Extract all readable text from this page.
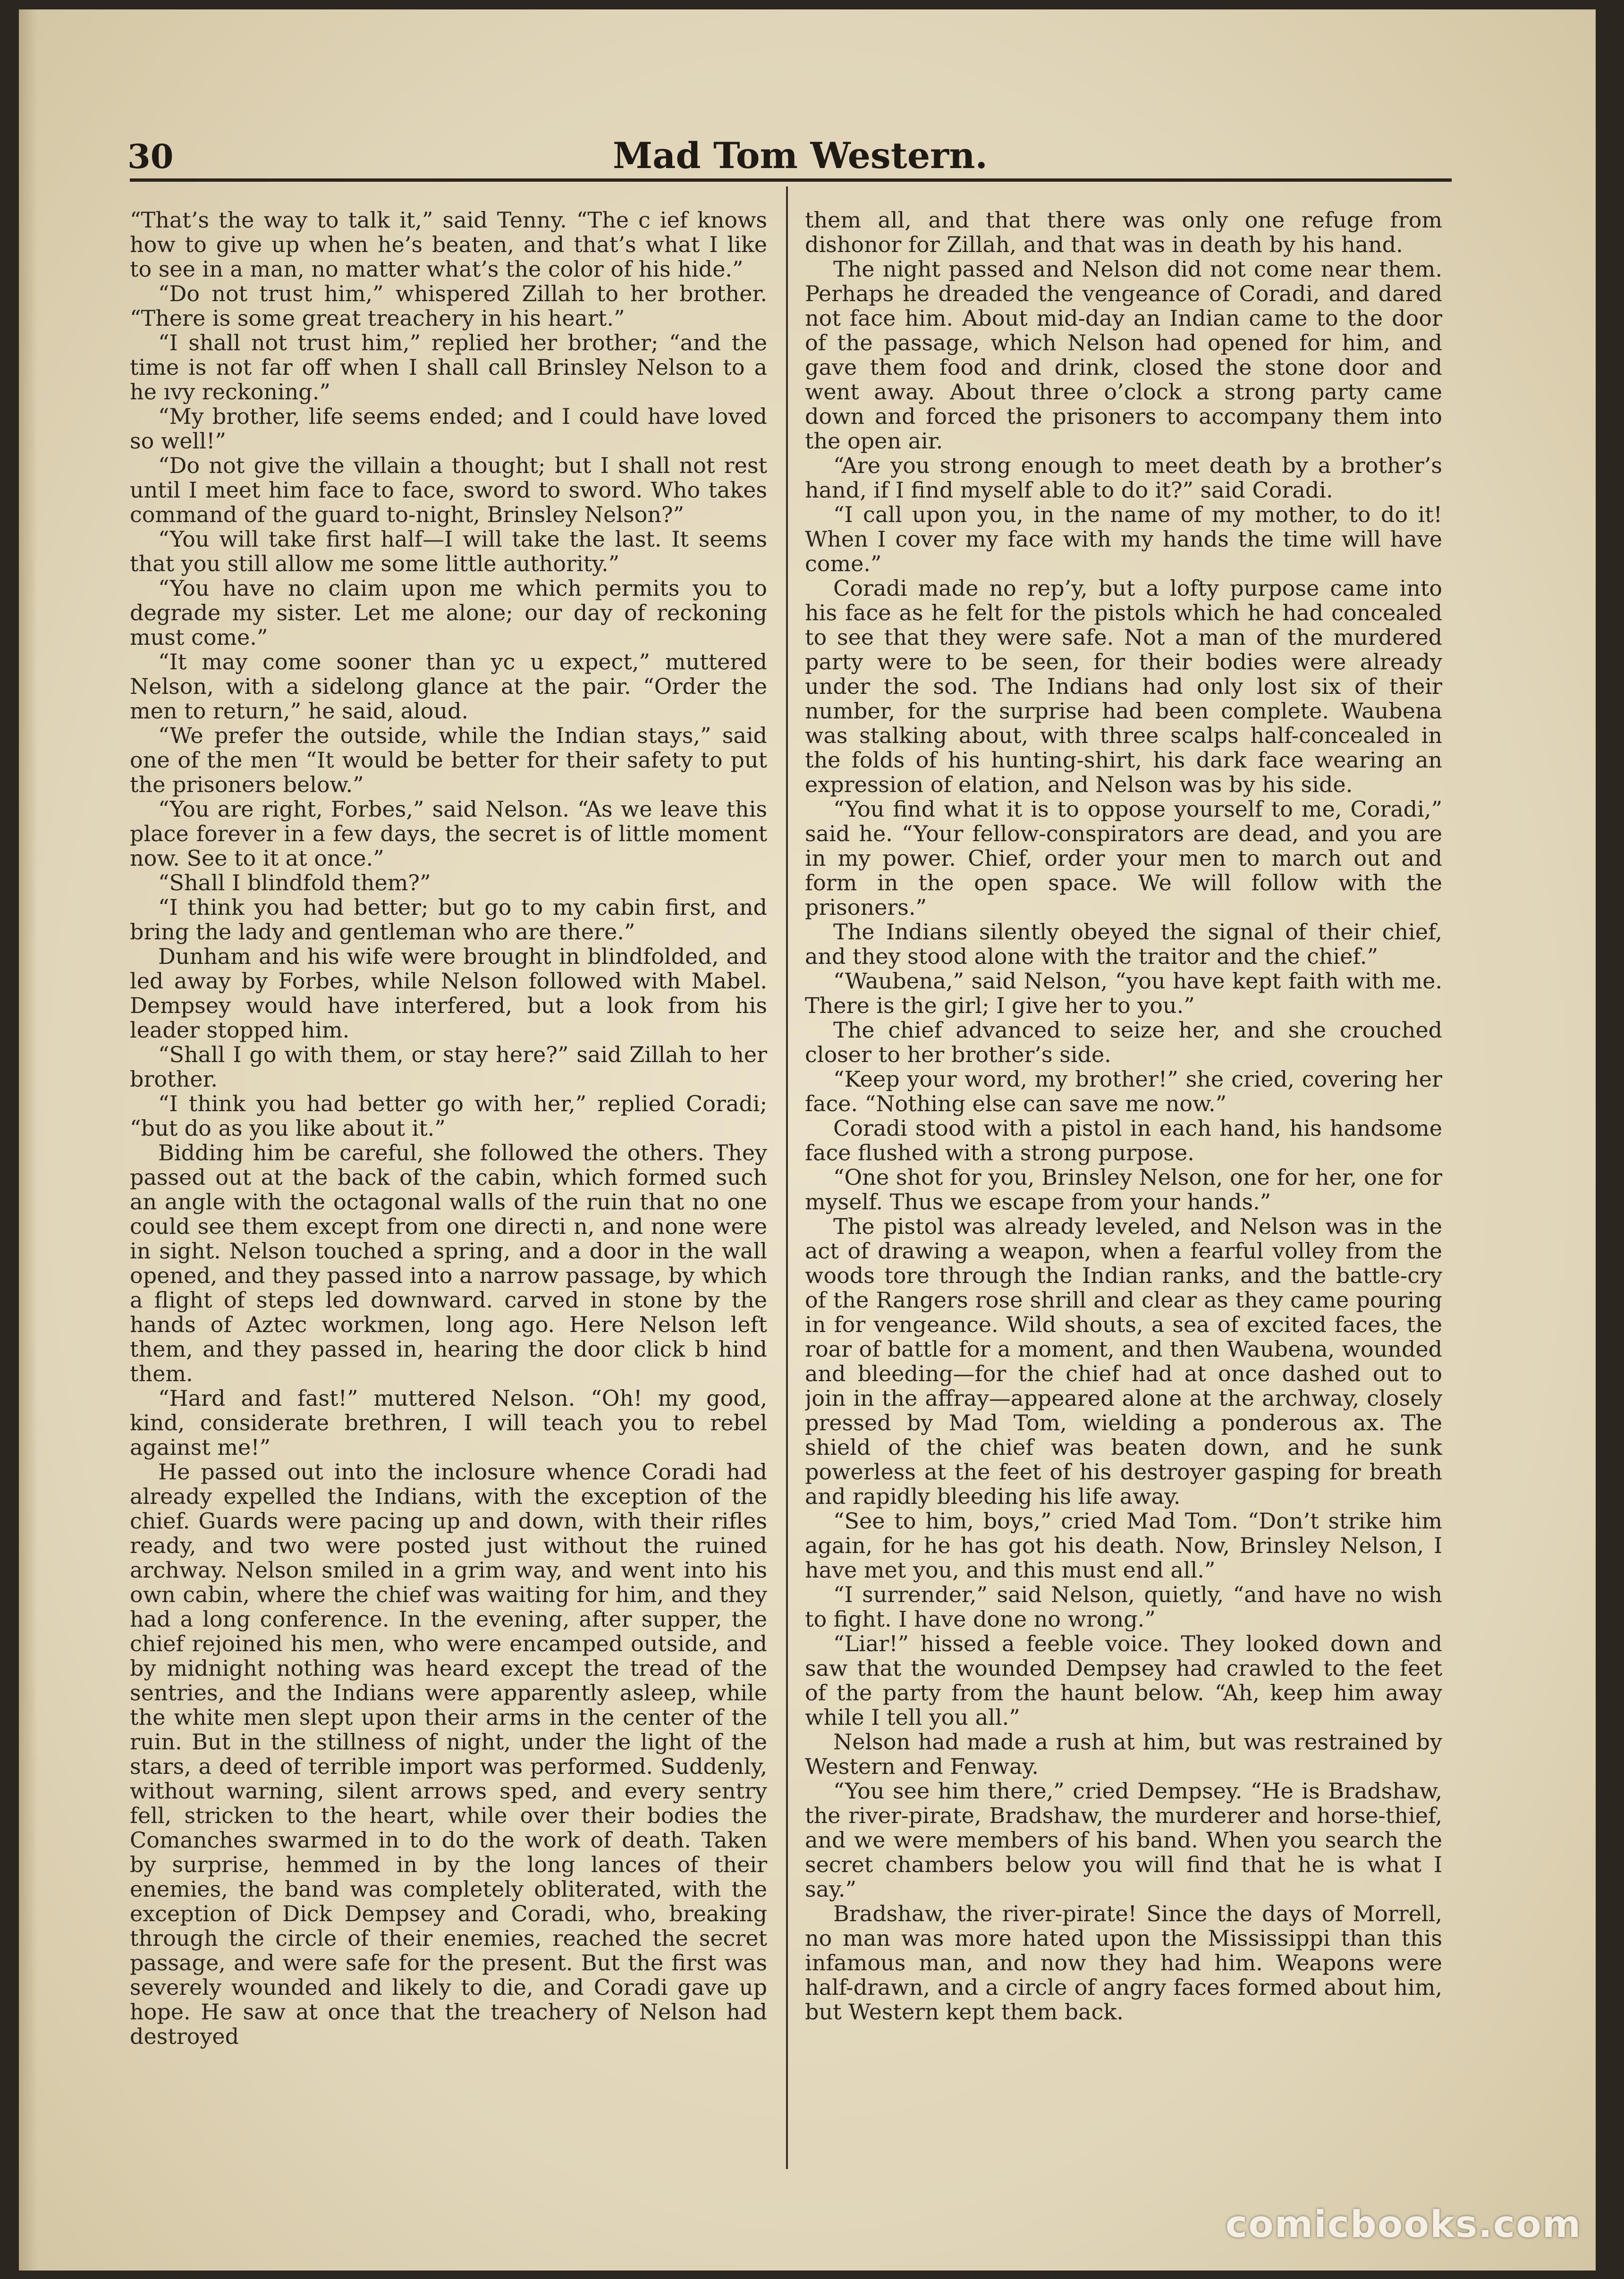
30	Mad Tom Western.

“That’s the way to talk it,” said Tenny. “The c ief knows how to give up when he’s beaten, and that’s what I like to see in a man, no matter what’s the color of his hide.”

“Do not trust him,” whispered Zillah to her brother. “There is some great treachery in his heart.”

“I shall not trust him,” replied her brother; “and the time is not far off when I shall call Brinsley Nelson to a he ıvy reckoning.”

“My brother, life seems ended; and I could have loved so well!”

“Do not give the villain a thought; but I shall not rest until I meet him face to face, sword to sword. Who takes command of the guard to-night, Brinsley Nelson?”

“You will take first half—I will take the last. It seems that you still allow me some little authority.”

“You have no claim upon me which permits you to degrade my sister. Let me alone; our day of reckoning must come.”

“It may come sooner than yc u expect,” muttered Nelson, with a sidelong glance at the pair. “Order the men to return,” he said, aloud.

“We prefer the outside, while the Indian stays,” said one of the men “It would be better for their safety to put the prisoners below.”

“You are right, Forbes,” said Nelson. “As we leave this place forever in a few days, the secret is of little moment now. See to it at once.”

“Shall I blindfold them?”

“I think you had better; but go to my cabin first, and bring the lady and gentleman who are there.”

Dunham and his wife were brought in blindfolded, and led away by Forbes, while Nelson followed with Mabel. Dempsey would have interfered, but a look from his leader stopped him.

“Shall I go with them, or stay here?” said Zillah to her brother.

“I think you had better go with her,” replied Coradi; “but do as you like about it.”

Bidding him be careful, she followed the others. They passed out at the back of the cabin, which formed such an angle with the octagonal walls of the ruin that no one could see them except from one directi n, and none were in sight. Nelson touched a spring, and a door in the wall opened, and they passed into a narrow passage, by which a flight of steps led downward. carved in stone by the hands of Aztec workmen, long ago. Here Nelson left them, and they passed in, hearing the door click b hind them.

“Hard and fast!” muttered Nelson. “Oh! my good, kind, considerate brethren, I will teach you to rebel against me!”

He passed out into the inclosure whence Coradi had already expelled the Indians, with the exception of the chief. Guards were pacing up and down, with their rifles ready, and two were posted just without the ruined archway. Nelson smiled in a grim way, and went into his own cabin, where the chief was waiting for him, and they had a long conference. In the evening, after supper, the chief rejoined his men, who were encamped outside, and by midnight nothing was heard except the tread of the sentries, and the Indians were apparently asleep, while the white men slept upon their arms in the center of the ruin. But in the stillness of night, under the light of the stars, a deed of terrible import was performed. Suddenly, without warning, silent arrows sped, and every sentry fell, stricken to the heart, while over their bodies the Comanches swarmed in to do the work of death. Taken by surprise, hemmed in by the long lances of their enemies, the band was completely obliterated, with the exception of Dick Dempsey and Coradi, who, breaking through the circle of their enemies, reached the secret passage, and were safe for the present. But the first was severely wounded and likely to die, and Coradi gave up hope. He saw at once that the treachery of Nelson had destroyed

them all, and that there was only one refuge from dishonor for Zillah, and that was in death by his hand.

The night passed and Nelson did not come near them. Perhaps he dreaded the vengeance of Coradi, and dared not face him. About mid-day an Indian came to the door of the passage, which Nelson had opened for him, and gave them food and drink, closed the stone door and went away. About three o’clock a strong party came down and forced the prisoners to accompany them into the open air.

“Are you strong enough to meet death by a brother’s hand, if I find myself able to do it?” said Coradi.

“I call upon you, in the name of my mother, to do it! When I cover my face with my hands the time will have come.”

Coradi made no rep’y, but a lofty purpose came into his face as he felt for the pistols which he had concealed to see that they were safe. Not a man of the murdered party were to be seen, for their bodies were already under the sod. The Indians had only lost six of their number, for the surprise had been complete. Waubena was stalking about, with three scalps half-concealed in the folds of his hunting-shirt, his dark face wearing an expression of elation, and Nelson was by his side.

“You find what it is to oppose yourself to me, Coradi,” said he. “Your fellow-conspirators are dead, and you are in my power. Chief, order your men to march out and form in the open space. We will follow with the prisoners.”

The Indians silently obeyed the signal of their chief, and they stood alone with the traitor and the chief.”

“Waubena,” said Nelson, “you have kept faith with me. There is the girl; I give her to you.”

The chief advanced to seize her, and she crouched closer to her brother’s side.

“Keep your word, my brother!” she cried, covering her face. “Nothing else can save me now.”

Coradi stood with a pistol in each hand, his handsome face flushed with a strong purpose.

“One shot for you, Brinsley Nelson, one for her, one for myself. Thus we escape from your hands.”

The pistol was already leveled, and Nelson was in the act of drawing a weapon, when a fearful volley from the woods tore through the Indian ranks, and the battle-cry of the Rangers rose shrill and clear as they came pouring in for vengeance. Wild shouts, a sea of excited faces, the roar of battle for a moment, and then Waubena, wounded and bleeding—for the chief had at once dashed out to join in the affray—appeared alone at the archway, closely pressed by Mad Tom, wielding a ponderous ax. The shield of the chief was beaten down, and he sunk powerless at the feet of his destroyer gasping for breath and rapidly bleeding his life away.

“See to him, boys,” cried Mad Tom. “Don’t strike him again, for he has got his death. Now, Brinsley Nelson, I have met you, and this must end all.”

“I surrender,” said Nelson, quietly, “and have no wish to fight. I have done no wrong.”

“Liar!” hissed a feeble voice. They looked down and saw that the wounded Dempsey had crawled to the feet of the party from the haunt below. “Ah, keep him away while I tell you all.”

Nelson had made a rush at him, but was restrained by Western and Fenway.

“You see him there,” cried Dempsey. “He is Bradshaw, the river-pirate, Bradshaw, the murderer and horse-thief, and we were members of his band. When you search the secret chambers below you will find that he is what I say.”

Bradshaw, the river-pirate! Since the days of Morrell, no man was more hated upon the Mississippi than this infamous man, and now they had him. Weapons were half-drawn, and a circle of angry faces formed about him, but Western kept them back.

comicbooks.com
